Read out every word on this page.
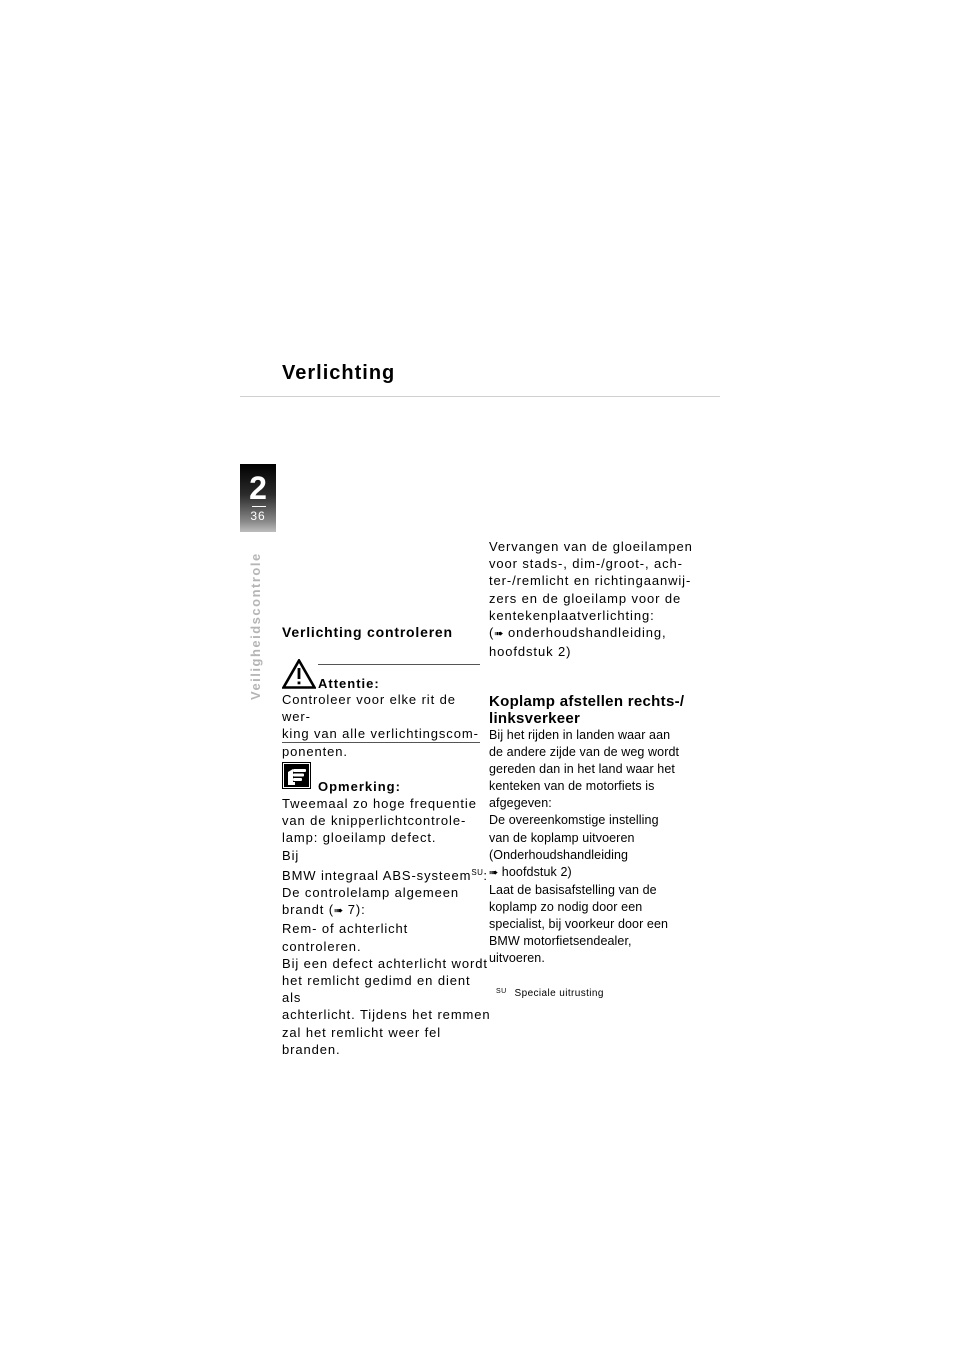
Verlichting
2
36
Veiligheidscontrole Verlichting controleren
Attentie:
Controleer voor elke rit de wer-
king van alle verlichtingscom-
ponenten.
Opmerking:
Tweemaal zo hoge frequentie
van de knipperlichtcontrole-
lamp: gloeilamp defect.
Bij
BMW integraal ABS-systeem$^{SU}$:
De controlelamp algemeen
brandt (➠ 7):
Rem- of achterlicht controleren.
Bij een defect achterlicht wordt
het remlicht gedimd en dient als
achterlicht. Tijdens het remmen
zal het remlicht weer fel branden.
Vervangen van de gloeilampen
voor stads-, dim-/groot-, ach-
ter-/remlicht en richtingaanwij-
zers en de gloeilamp voor de
kentekenplaatverlichting:
(➠ onderhoudshandleiding,
hoofdstuk 2)
Koplamp afstellen rechts-/
linksverkeer
Bij het rijden in landen waar aan
de andere zijde van de weg wordt
gereden dan in het land waar het
kenteken van de motorfiets is
afgegeven:
De overeenkomstige instelling
van de koplamp uitvoeren
(Onderhoudshandleiding
➠ hoofdstuk 2)
Laat de basisafstelling van de
koplamp zo nodig door een
specialist, bij voorkeur door een
BMW motorfietsendealer,
uitvoeren.
$^{SU}$ Speciale uitrusting
